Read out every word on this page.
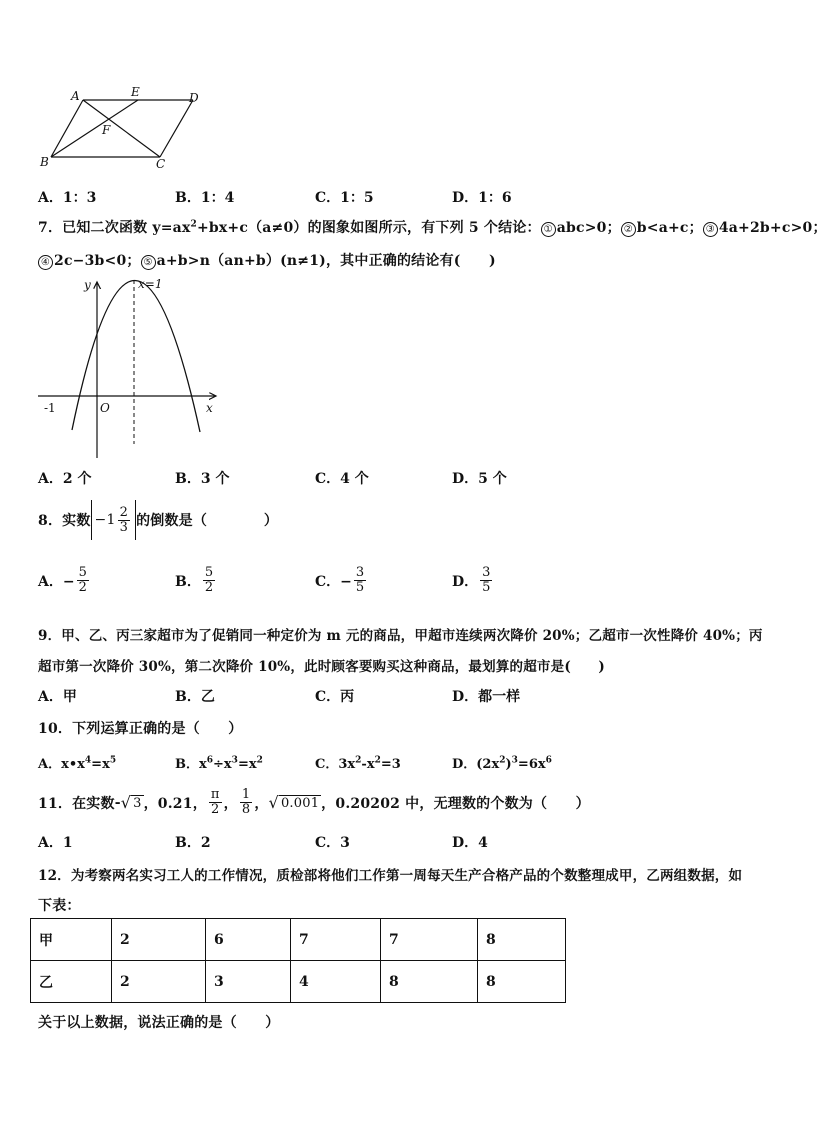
A	E	D
F
B	C
A．1：3	B．1：4	C．1：5	D．1：6
7．已知二次函数 $y=ax^2+bx+c(a\ne 0)$的图象如图所示，有下列 5 个结论： ① abc>0； ② b<a+c； ③ 4a+2b+c>0；
④ 2c−3b<0； ⑤ a+b>n（an+b）(n≠1)，其中正确的结论有(　　)
y	x=1
x
-1	O
A．2 个	B．3 个	C．4 个	D．5 个
8．实数 $-1 \frac{2}{3}$ 的倒数是（　　　　）
A．− $\frac{5}{2}$	B． $\frac{5}{2}$	C．− $\frac{3}{5}$	D． $\frac{3}{5}$
9．甲、乙、丙三家超市为了促销同一种定价为 m 元的商品，甲超市连续两次降价 20%；乙超市一次性降价 40%；丙
超市第一次降价 30%，第二次降价 10%，此时顾客要购买这种商品，最划算的超市是(　　)
A．甲	B．乙	C．丙	D．都一样
10．下列运算正确的是（　　）
A．$x•x^4=x^5$	B．$x^6\div x^3=x^2$	C．$3x^2-x^2=3$	D．$(2x^2)^3=6x^6$
11．在实数 - √ 3 ，0.21， $\frac{\pi}{2}$ ， $\frac{1}{8}$ ， √ 0.001 ，0.20202 中，无理数的个数为（　　）
A．1	B．2	C．3	D．4
12．为考察两名实习工人的工作情况，质检部将他们工作第一周每天生产合格产品的个数整理成甲，乙两组数据，如
下表：
甲	2	6	7	7	8
乙	2	3	4	8	8
关于以上数据，说法正确的是（　　）
